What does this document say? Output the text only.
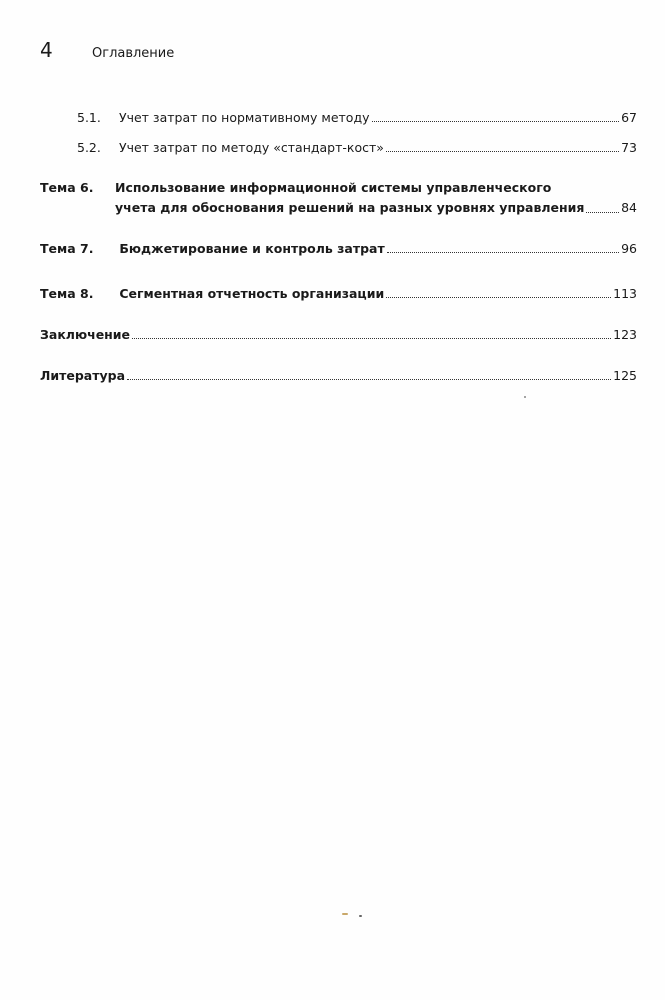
4	Оглавление
5.1. Учет затрат по нормативному методу	67
5.2. Учет затрат по методу «стандарт-кост»	73
Тема 6.	Использование информационной системы управленческого
учета для обоснования решений на разных уровнях управления	84
Тема 7. Бюджетирование и контроль затрат	96
Тема 8. Сегментная отчетность организации	113
Заключение	123
Литература	125
